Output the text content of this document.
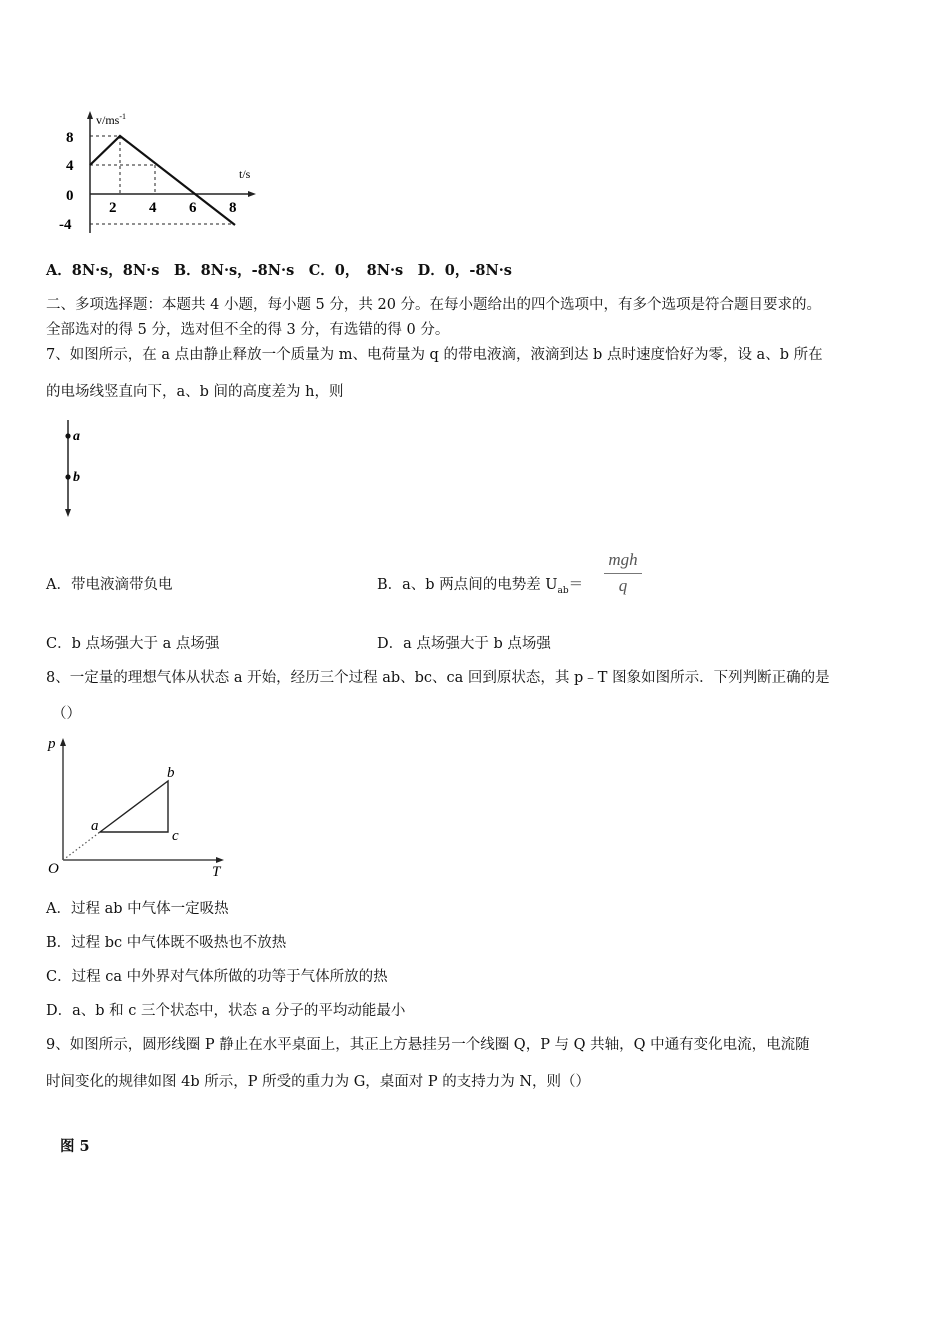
$v/ms^{-1}$
t/s
8
4
0
-4
2 4 6 8
A．8N·s，8N·s　B．8N·s，-8N·s　C．0，　8N·s　D．0，-8N·s
二、多项选择题：本题共 4 小题，每小题 5 分，共 20 分。在每小题给出的四个选项中，有多个选项是符合题目要求的。
全部选对的得 5 分，选对但不全的得 3 分，有选错的得 0 分。
7、如图所示，在 a 点由静止释放一个质量为 m、电荷量为 q 的带电液滴，液滴到达 b 点时速度恰好为零，设 a、b 所在
的电场线竖直向下，a、b 间的高度差为 h，则
a
b
A．带电液滴带负电	B．a、b 两点间的电势差 $U_{ab}=$
mgh
q
C．b 点场强大于 a 点场强	D．a 点场强大于 b 点场强
8、一定量的理想气体从状态 a 开始，经历三个过程 ab、bc、ca 回到原状态，其 p﹣T 图象如图所示．下列判断正确的是
（）
p
T
O
a
b
c
A．过程 ab 中气体一定吸热
B．过程 bc 中气体既不吸热也不放热
C．过程 ca 中外界对气体所做的功等于气体所放的热
D．a、b 和 c 三个状态中，状态 a 分子的平均动能最小
9、如图所示，圆形线圈 P 静止在水平桌面上，其正上方悬挂另一个线圈 Q，P 与 Q 共轴，Q 中通有变化电流，电流随
时间变化的规律如图 4b 所示，P 所受的重力为 G，桌面对 P 的支持力为 N，则（）
图 5
